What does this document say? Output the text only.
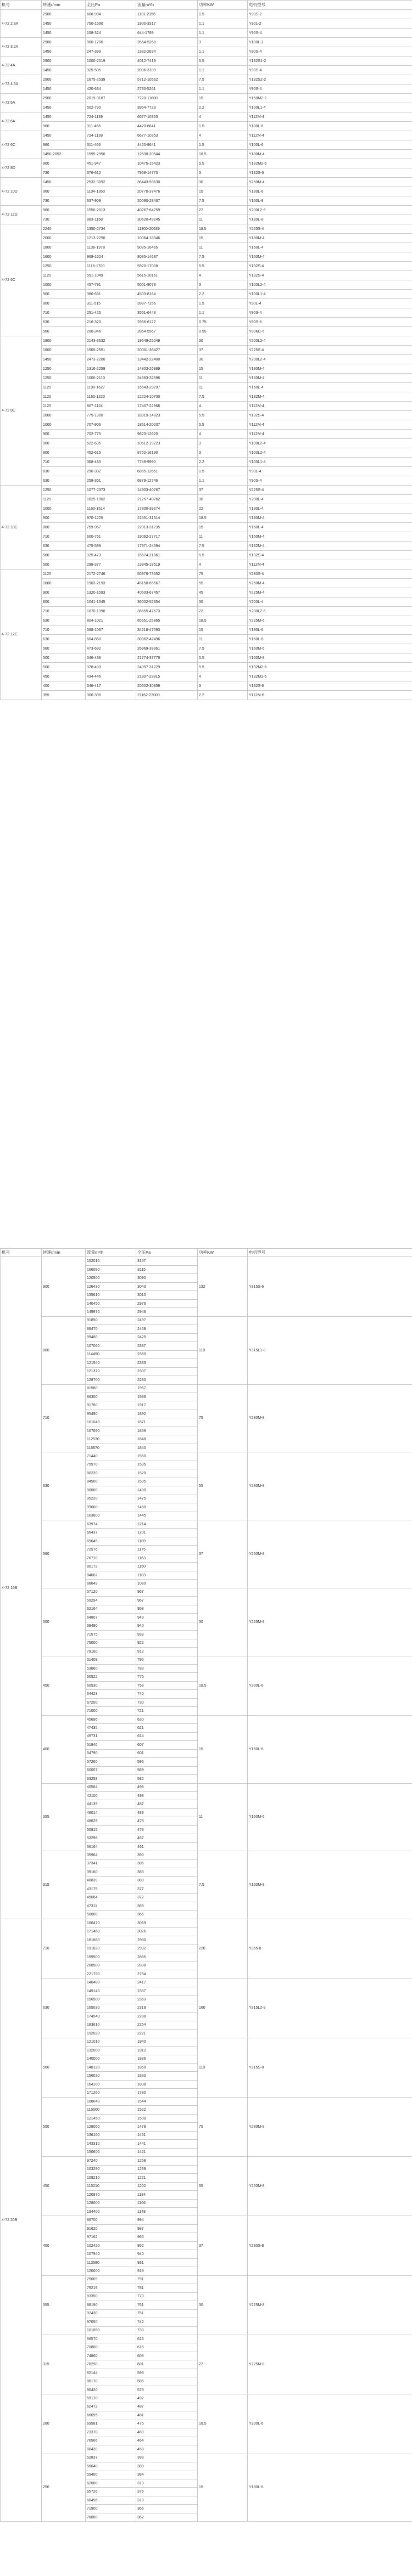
机号	转速r/min	全压Pa	流量m³/h	功率KW	电机型号
4-72 2.8A	2900	606-994	1131-2356	1.5	Y90S-2
	1450	750-1590	1900-3317	1.1	Y90L-2
	1450	158-324	644-1789	1.1	Y90S-4
4-72 3.2A	2900	900-1700	2664-5268	3	Y100L-2
	1450	247-393	1332-2634	1.1	Y90S-4
4-72 4A	2900	1000-2019	4012-7419	5.5	Y132S1-2
	1450	325-505	2006-3709	1.1	Y90S-4
4-72 4.5A	2900	1675-2539	5712-10562	7.5	Y132S2-2
	1450	420-634	2730-5261	1.1	Y90S-4
4-72 5A	2900	2019-3187	7720-11600	15	Y160M2-2
	1450	502-790	3954-7729	2.2	Y100L1-4
4-72 6A	1450	724-1139	6677-10353	4	Y112M-4
	960	311-466	4420-8641	1.5	Y100L-6
4-72 6C	1450	724-1139	6677-10353	4	Y112M-4
	960	311-466	4420-8641	1.5	Y100L-6
	1450-2052	1595-2950	12630-20544	18.5	Y180M-4
4-72 8D	960	451-947	10475-15423	5.5	Y132M2-6
	730	376-612	7968-14773	3	Y132S-6
4-72 10D	1450	2532-3092	36443-59630	30	Y250M-4
	960	1104-1350	20770-37476	15	Y180L-6
	730	637-909	20090-28467	7.5	Y160L-8
4-72 12D	960	1550-2013	40267-64759	22	Y200L2-6
	730	883-1158	30620-49245	11	Y180L-8
4-72 6C	2240	1350-2734	11300-20639	18.5	Y225S-4
	2000	1213-2250	10064-18346	15	Y180M-4
	1800	1138-1978	9035-16465	11	Y160L-4
	1600	969-1624	8035-14637	7.5	Y160M-4
	1250	1116-1700	5920-17008	5.5	Y132S-4
	1120	551-1049	5615-10161	4	Y132S-4
	1000	457-791	5001-9078	3	Y100L2-4
	900	380-691	4503-8164	2.2	Y100L1-4
	800	311-515	3987-7256	1.5	Y90L-4
	710	251-425	3551-6443	1.1	Y90S-4
	630	216-320	2956-6127	0.75	Y90S-6
	560	200-346	2864-5567	0.55	Y80M1-6
4-72 8C	1800	2143-3632	19649-25049	30	Y200L2-4
	1600	1505-2551	20001-36427	37	Y225S-4
	1450	2473-2200	13442-22400	30	Y200L2-4
	1250	1316-2259	14803-26989	15	Y180M-4
	1250	1000-2110	24663-32596	11	Y160M-4
	1120	1190-1627	16543-29297	11	Y160L-4
	1120	1160-1220	12224-10700	7.5	Y132M-4
	1120	807-1124	17407-22966	4	Y112M-4
	1000	775-1300	18919-14023	5.5	Y132S-4
	1000	707-906	18614-20037	5.5	Y112M-4
	900	702-775	9623-12620	4	Y112M-4
	900	522-635	10612-19223	3	Y100L2-4
	800	452-615	8752-16190	3	Y100L2-4
	710	368-480	7749-9990	2.2	Y100L1-4
	630	290-382	6855-12651	1.5	Y90L-4
	630	258-361	6879-12746	1.1	Y90S-4
4-72 10C	1250	1077-2373	14903-40767	37	Y225S-4
	1120	1825-1902	21257-40762	30	Y200L-4
	1000	1160-1514	17800-39274	22	Y180L-4
	900	970-1225	21551-31514	18.5	Y180M-4
	800	759-967	22013-31235	15	Y160L-4
	710	600-761	19062-27717	11	Y160M-4
	630	475-599	17371-24594	7.5	Y132M-4
	560	375-473	15674-21861	5.5	Y132S-4
	500	298-377	13945-19519	4	Y112M-4
4-72 12C	1120	2172-2746	50876-73552	75	Y280S-4
	1000	1903-2193	45150-65567	55	Y250M-4
	900	1320-1593	40503-67457	45	Y225M-4
	800	1041-1345	36002-52354	30	Y200L-4
	710	1070-1390	36555-47673	22	Y200L2-6
	630	804-1021	65551-25865	18.5	Y225M-6
	710	568-1067	34218-47093	15	Y180L-6
	630	604-850	30362-42496	11	Y160L-6
	560	473-692	26969-39361	7.5	Y160M-6
	500	346-438	21774-37776	5.5	Y160M-8
	500	378-493	24097-31729	5.5	Y132M2-6
	450	434-446	21807-23815	4	Y132M1-6
	400	346-417	20602-30859	3	Y132S-6
	355	306-398	21162-23000	2.2	Y112M-6
机号	转速r/min	流量m³/h	全压Pa	功率KW	电机型号
4-72 16B	900	152010	3157	132	Y315S-6
		166080	3115		
		120500	3090		
		126430	3043		
		135610	3010		
		140450	2976		
		149970	2946		
	800	91850	2497	110	Y315L1-8
		86470	2468		
		99460	2425		
		107060	2387		
		114490	2360		
		121540	2333		
		121370	2307		
		128700	2280		
	710	81580	1957	75	Y280M-8
		86300	1936		
		91760	1917		
		95490	1892		
		101040	1871		
		107690	1859		
		112530	1848		
		116870	1840		
	630	71440	1550	55	Y280M-8
		75970	1535		
		80220	1520		
		84500	1505		
		90000	1490		
		95220	1475		
		99000	1460		
		103800	1445		
	560	63974	1214	37	Y250M-8
		66437	1201		
		69645	1189		
		72576	1175		
		76710	1163		
		80172	1150		
		84002	1103		
		88649	1080		
	500	57120	967	30	Y225M-8
		59294	967		
		62164	958		
		64807	949		
		68490	940		
		71575	933		
		75000	922		
		79160	912		
	450	51408	795	18.5	Y200L-6
		53860	783		
		60522	775		
		60530	758		
		64423	740		
		67200	730		
		71000	721		
	400	45696	630	15	Y160L-6
		47435	621		
		49731	614		
		51846	607		
		54790	601		
		57260	596		
		60007	589		
		63258	582		
	355	40564	498	11	Y160M-6
		42100	493		
		44139	487		
		46014	483		
		48629	478		
		50815	473		
		53298	467		
		56164	461		
	315	35964	390	7.5	Y160M-8
		37341	385		
		39160	383		
		40839	380		
		43175	377		
		45084	372		
		47311	369		
		50000	365		
4-72 20B	710	160470	3069	220	Y355-8
		171460	3026		
		181880	2980		
		191820	2932		
		199500	2885		
		208500	2838		
		221790	2764		
	630	140480	2417	160	Y315L2-8
		149140	2387		
		156500	2353		
		165030	2318		
		174540	2288		
		183610	2254		
		192020	2221		
	560	121010	1940	110	Y315S-8
		132000	1912		
		140000	1886		
		148120	1860		
		156030	1833		
		164100	1808		
		171260	1780		
	500	108040	1544	75	Y280M-8
		115500	1522		
		121450	1500		
		128060	1479		
		136160	1461		
		143310	1441		
		150600	1421		
	450	97240	1258	55	Y250M-8
		103290	1239		
		109210	1221		
		115210	1202		
		120970	1184		
		128000	1166		
		134400	1148		
	400	86700	994	37	Y280S-8
		91620	987		
		97162	965		
		102420	952		
		107940	940		
		113580	931		
		120000	919		
	355	75009	791	30	Y225M-8
		79219	781		
		83350	770		
		88190	761		
		92430	751		
		97050	742		
		101850	733		
	315	66570	623	22	Y225M-8
		70800	616		
		74860	608		
		78290	601		
		82144	593		
		86170	586		
		90420	579		
	280	59170	492	18.5	Y200L-6
		62472	487		
		66095	481		
		69581	475		
		73370	469		
		76566	464		
		80420	458		
	250	52837	393	15	Y180L-6
		56040	389		
		59400	384		
		62000	379		
		65726	375		
		68456	370		
		71900	366		
		76000	362		
